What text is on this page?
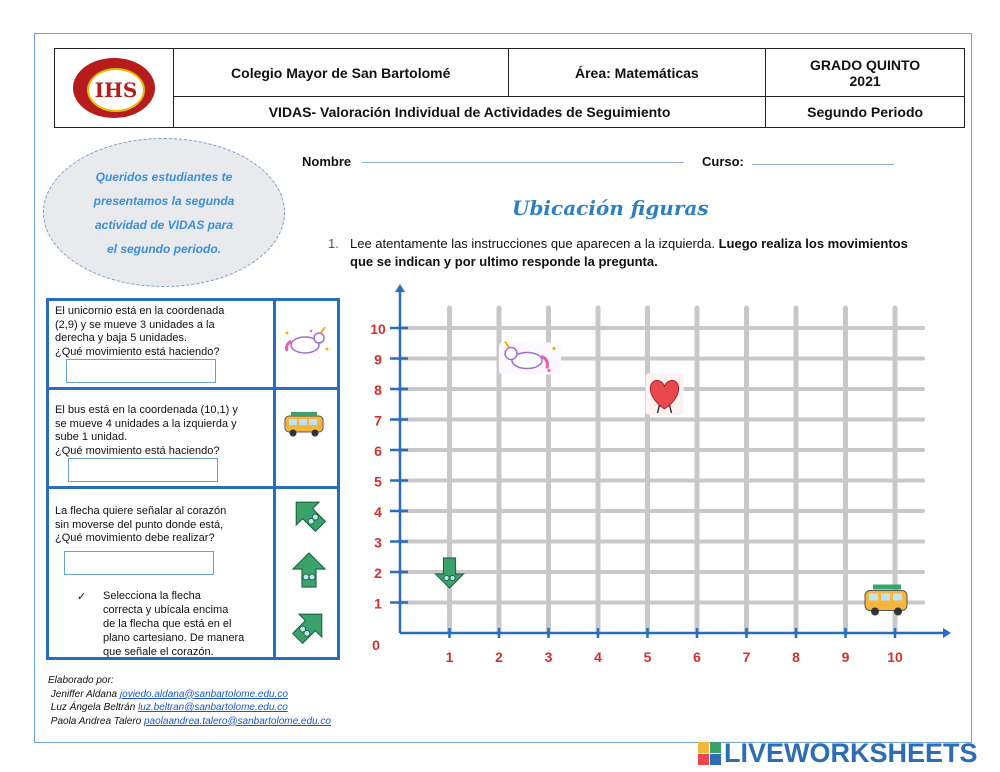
IHS	Colegio Mayor de San Bartolomé	Área: Matemáticas	GRADO QUINTO
2021

	VIDAS- Valoración Individual de Actividades de Seguimiento		Segundo Periodo
Queridos estudiantes te
presentamos la segunda
actividad de VIDAS para
el segundo periodo.
Nombre	Curso:
Ubicación figuras
1. Lee atentamente las instrucciones que aparecen a la izquierda. Luego realiza los movimientos que se indican y por ultimo responde la pregunta.
El unicornio está en la coordenada
(2,9) y se mueve 3 unidades a la
derecha y baja 5 unidades.
¿Qué movimiento está haciendo?
El bus está en la coordenada (10,1) y
se mueve 4 unidades a la izquierda y
sube 1 unidad.
¿Qué movimiento está haciendo?
La flecha quiere señalar al corazón
sin moverse del punto donde está,
¿Qué movimiento debe realizar?
✓ Selecciona la flecha
correcta y ubícala encima
de la flecha que está en el
plano cartesiano. De manera
que señale el corazón.	1	2	3	4	5	6	7	8	9	10
1
2
3
4
5
6
7
8
9
10
0
Elaborado por:
Jeniffer Aldana joviedo.aldana@sanbartolome.edu.co
Luz Ángela Beltrán luz.beltran@sanbartolome.edu.co
Paola Andrea Talero paolaandrea.talero@sanbartolome.edu.co
LIVEWORKSHEETS
